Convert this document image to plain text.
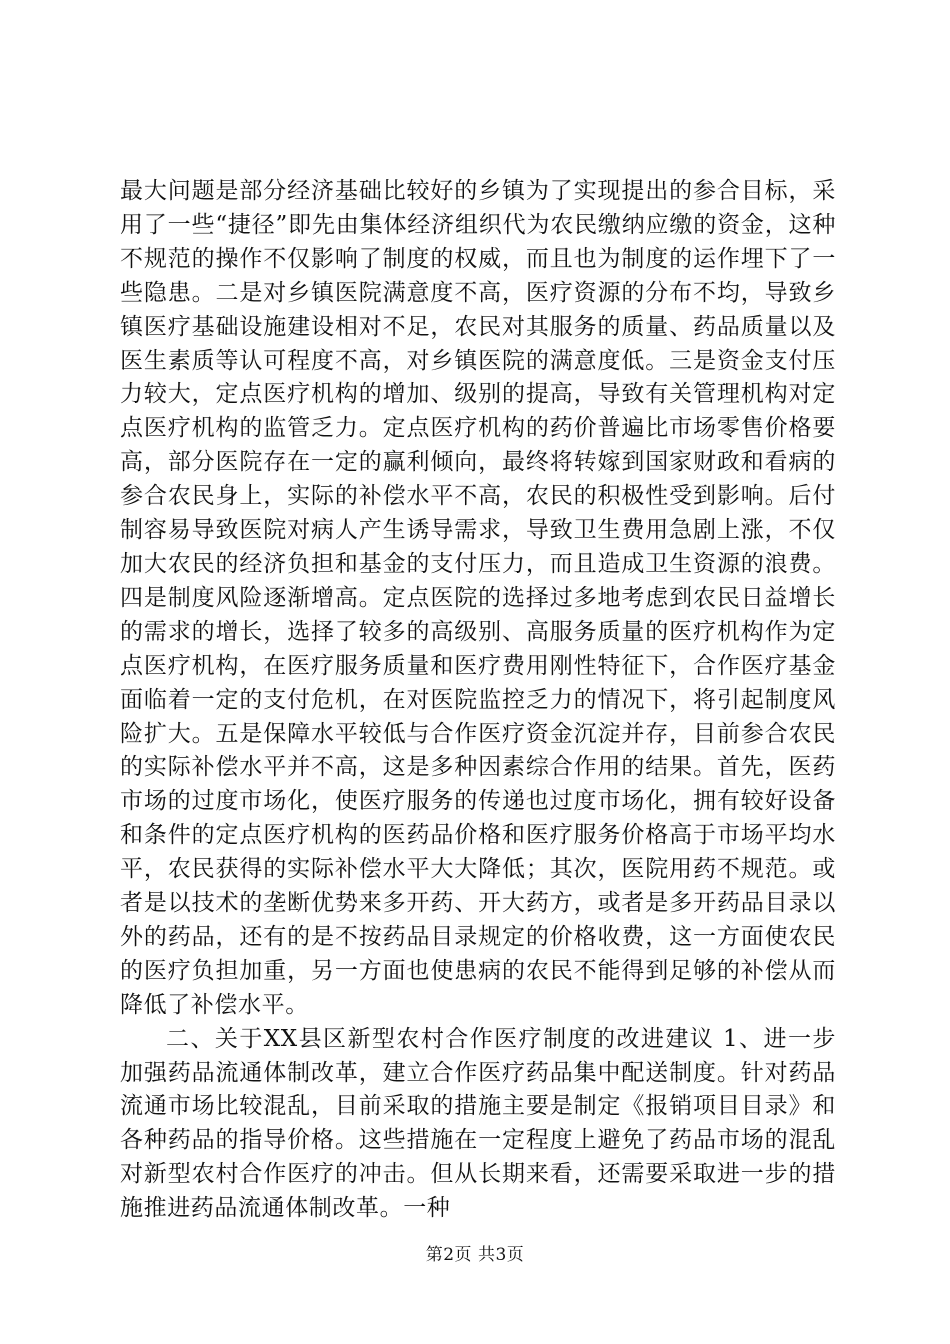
最大问题是部分经济基础比较好的乡镇为了实现提出的参合目标，采用了一些“捷径”即先由集体经济组织代为农民缴纳应缴的资金，这种不规范的操作不仅影响了制度的权威，而且也为制度的运作埋下了一些隐患。二是对乡镇医院满意度不高，医疗资源的分布不均，导致乡镇医疗基础设施建设相对不足，农民对其服务的质量、药品质量以及医生素质等认可程度不高，对乡镇医院的满意度低。三是资金支付压力较大，定点医疗机构的增加、级别的提高，导致有关管理机构对定点医疗机构的监管乏力。定点医疗机构的药价普遍比市场零售价格要高，部分医院存在一定的赢利倾向，最终将转嫁到国家财政和看病的参合农民身上，实际的补偿水平不高，农民的积极性受到影响。后付制容易导致医院对病人产生诱导需求，导致卫生费用急剧上涨，不仅加大农民的经济负担和基金的支付压力，而且造成卫生资源的浪费。四是制度风险逐渐增高。定点医院的选择过多地考虑到农民日益增长的需求的增长，选择了较多的高级别、高服务质量的医疗机构作为定点医疗机构，在医疗服务质量和医疗费用刚性特征下，合作医疗基金面临着一定的支付危机，在对医院监控乏力的情况下，将引起制度风险扩大。五是保障水平较低与合作医疗资金沉淀并存，目前参合农民的实际补偿水平并不高，这是多种因素综合作用的结果。首先，医药市场的过度市场化，使医疗服务的传递也过度市场化，拥有较好设备和条件的定点医疗机构的医药品价格和医疗服务价格高于市场平均水平，农民获得的实际补偿水平大大降低；其次，医院用药不规范。或者是以技术的垄断优势来多开药、开大药方，或者是多开药品目录以外的药品，还有的是不按药品目录规定的价格收费，这一方面使农民的医疗负担加重，另一方面也使患病的农民不能得到足够的补偿从而降低了补偿水平。

二、关于XX县区新型农村合作医疗制度的改进建议 1、进一步加强药品流通体制改革，建立合作医疗药品集中配送制度。针对药品流通市场比较混乱，目前采取的措施主要是制定《报销项目目录》和各种药品的指导价格。这些措施在一定程度上避免了药品市场的混乱对新型农村合作医疗的冲击。但从长期来看，还需要采取进一步的措施推进药品流通体制改革。一种

第2页 共3页
